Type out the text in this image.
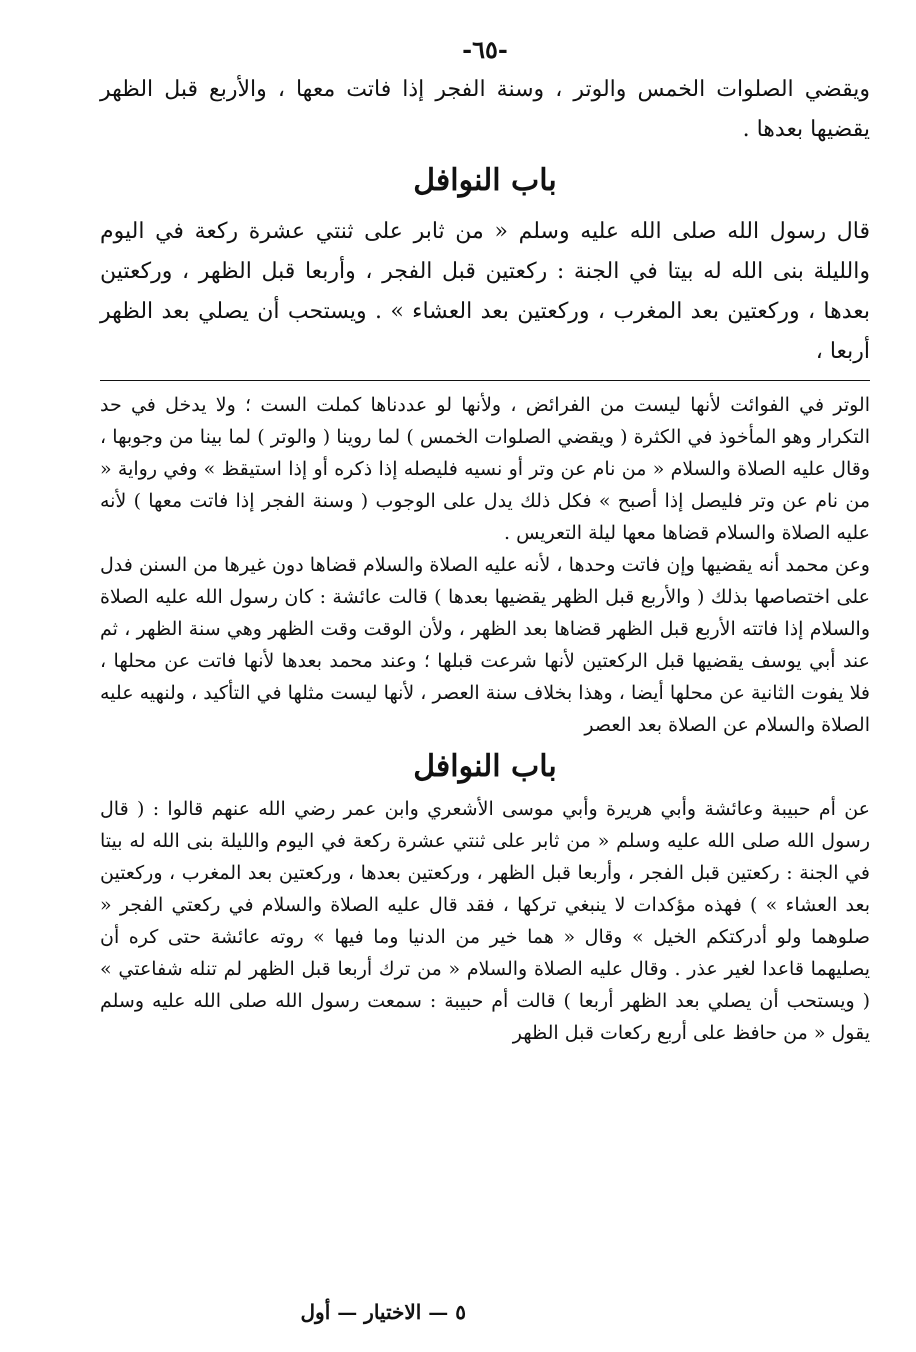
-٦٥-

ويقضي الصلوات الخمس والوتر ، وسنة الفجر إذا فاتت معها ، والأربع قبل الظهر يقضيها بعدها .

باب النوافل

قال رسول الله صلى الله عليه وسلم « من ثابر على ثنتي عشرة ركعة في اليوم والليلة بنى الله له بيتا في الجنة : ركعتين قبل الفجر ، وأربعا قبل الظهر ، وركعتين بعدها ، وركعتين بعد المغرب ، وركعتين بعد العشاء » . ويستحب أن يصلي بعد الظهر أربعا ،

الوتر في الفوائت لأنها ليست من الفرائض ، ولأنها لو عددناها كملت الست ؛ ولا يدخل في حد التكرار وهو المأخوذ في الكثرة ( ويقضي الصلوات الخمس ) لما روينا ( والوتر ) لما بينا من وجوبها ، وقال عليه الصلاة والسلام « من نام عن وتر أو نسيه فليصله إذا ذكره أو إذا استيقظ » وفي رواية « من نام عن وتر فليصل إذا أصبح » فكل ذلك يدل على الوجوب ( وسنة الفجر إذا فاتت معها ) لأنه عليه الصلاة والسلام قضاها معها ليلة التعريس .

وعن محمد أنه يقضيها وإن فاتت وحدها ، لأنه عليه الصلاة والسلام قضاها دون غيرها من السنن فدل على اختصاصها بذلك ( والأربع قبل الظهر يقضيها بعدها ) قالت عائشة : كان رسول الله عليه الصلاة والسلام إذا فاتته الأربع قبل الظهر قضاها بعد الظهر ، ولأن الوقت وقت الظهر وهي سنة الظهر ، ثم عند أبي يوسف يقضيها قبل الركعتين لأنها شرعت قبلها ؛ وعند محمد بعدها لأنها فاتت عن محلها ، فلا يفوت الثانية عن محلها أيضا ، وهذا بخلاف سنة العصر ، لأنها ليست مثلها في التأكيد ، ولنهيه عليه الصلاة والسلام عن الصلاة بعد العصر

باب النوافل

عن أم حبيبة وعائشة وأبي هريرة وأبي موسى الأشعري وابن عمر رضي الله عنهم قالوا : ( قال رسول الله صلى الله عليه وسلم « من ثابر على ثنتي عشرة ركعة في اليوم والليلة بنى الله له بيتا في الجنة : ركعتين قبل الفجر ، وأربعا قبل الظهر ، وركعتين بعدها ، وركعتين بعد المغرب ، وركعتين بعد العشاء » ) فهذه مؤكدات لا ينبغي تركها ، فقد قال عليه الصلاة والسلام في ركعتي الفجر « صلوهما ولو أدركتكم الخيل » وقال « هما خير من الدنيا وما فيها » روته عائشة حتى كره أن يصليهما قاعدا لغير عذر . وقال عليه الصلاة والسلام « من ترك أربعا قبل الظهر لم تنله شفاعتي » ( ويستحب أن يصلي بعد الظهر أربعا ) قالت أم حبيبة : سمعت رسول الله صلى الله عليه وسلم يقول « من حافظ على أربع ركعات قبل الظهر

٥ — الاختيار — أول
